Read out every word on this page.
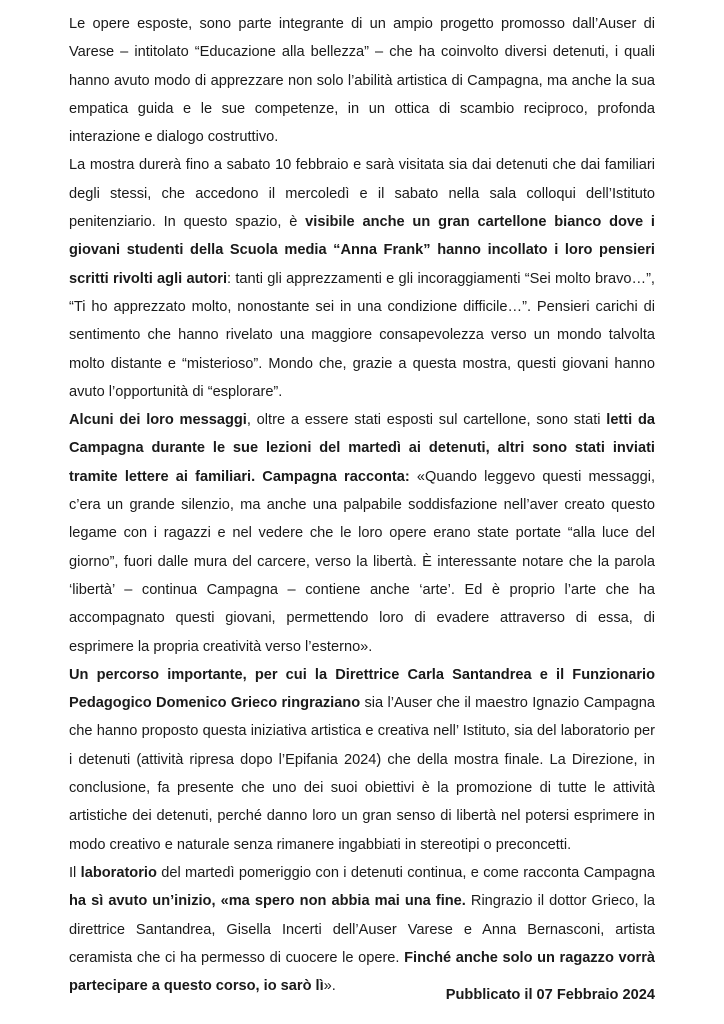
Le opere esposte, sono parte integrante di un ampio progetto promosso dall’Auser di Varese – intitolato “Educazione alla bellezza” – che ha coinvolto diversi detenuti, i quali hanno avuto modo di apprezzare non solo l’abilità artistica di Campagna, ma anche la sua empatica guida e le sue competenze, in un ottica di scambio reciproco, profonda interazione e dialogo costruttivo.

La mostra durerà fino a sabato 10 febbraio e sarà visitata sia dai detenuti che dai familiari degli stessi, che accedono il mercoledì e il sabato nella sala colloqui dell’Istituto penitenziario. In questo spazio, è visibile anche un gran cartellone bianco dove i giovani studenti della Scuola media “Anna Frank” hanno incollato i loro pensieri scritti rivolti agli autori: tanti gli apprezzamenti e gli incoraggiamenti “Sei molto bravo…”, “Ti ho apprezzato molto, nonostante sei in una condizione difficile…”. Pensieri carichi di sentimento che hanno rivelato una maggiore consapevolezza verso un mondo talvolta molto distante e “misterioso”. Mondo che, grazie a questa mostra, questi giovani hanno avuto l’opportunità di “esplorare”.

Alcuni dei loro messaggi, oltre a essere stati esposti sul cartellone, sono stati letti da Campagna durante le sue lezioni del martedì ai detenuti, altri sono stati inviati tramite lettere ai familiari. Campagna racconta: «Quando leggevo questi messaggi, c’era un grande silenzio, ma anche una palpabile soddisfazione nell’aver creato questo legame con i ragazzi e nel vedere che le loro opere erano state portate “alla luce del giorno”, fuori dalle mura del carcere, verso la libertà. È interessante notare che la parola ‘libertà’ – continua Campagna – contiene anche ‘arte’. Ed è proprio l’arte che ha accompagnato questi giovani, permettendo loro di evadere attraverso di essa, di esprimere la propria creatività verso l’esterno».

Un percorso importante, per cui la Direttrice Carla Santandrea e il Funzionario Pedagogico Domenico Grieco ringraziano sia l’Auser che il maestro Ignazio Campagna che hanno proposto questa iniziativa artistica e creativa nell’ Istituto, sia del laboratorio per i detenuti (attività ripresa dopo l’Epifania 2024) che della mostra finale. La Direzione, in conclusione, fa presente che uno dei suoi obiettivi è la promozione di tutte le attività artistiche dei detenuti, perché danno loro un gran senso di libertà nel potersi esprimere in modo creativo e naturale senza rimanere ingabbiati in stereotipi o preconcetti.

Il laboratorio del martedì pomeriggio con i detenuti continua, e come racconta Campagna ha sì avuto un’inizio, «ma spero non abbia mai una fine. Ringrazio il dottor Grieco, la direttrice Santandrea, Gisella Incerti dell’Auser Varese e Anna Bernasconi, artista ceramista che ci ha permesso di cuocere le opere. Finché anche solo un ragazzo vorrà partecipare a questo corso, io sarò lì».

Pubblicato il 07 Febbraio 2024
